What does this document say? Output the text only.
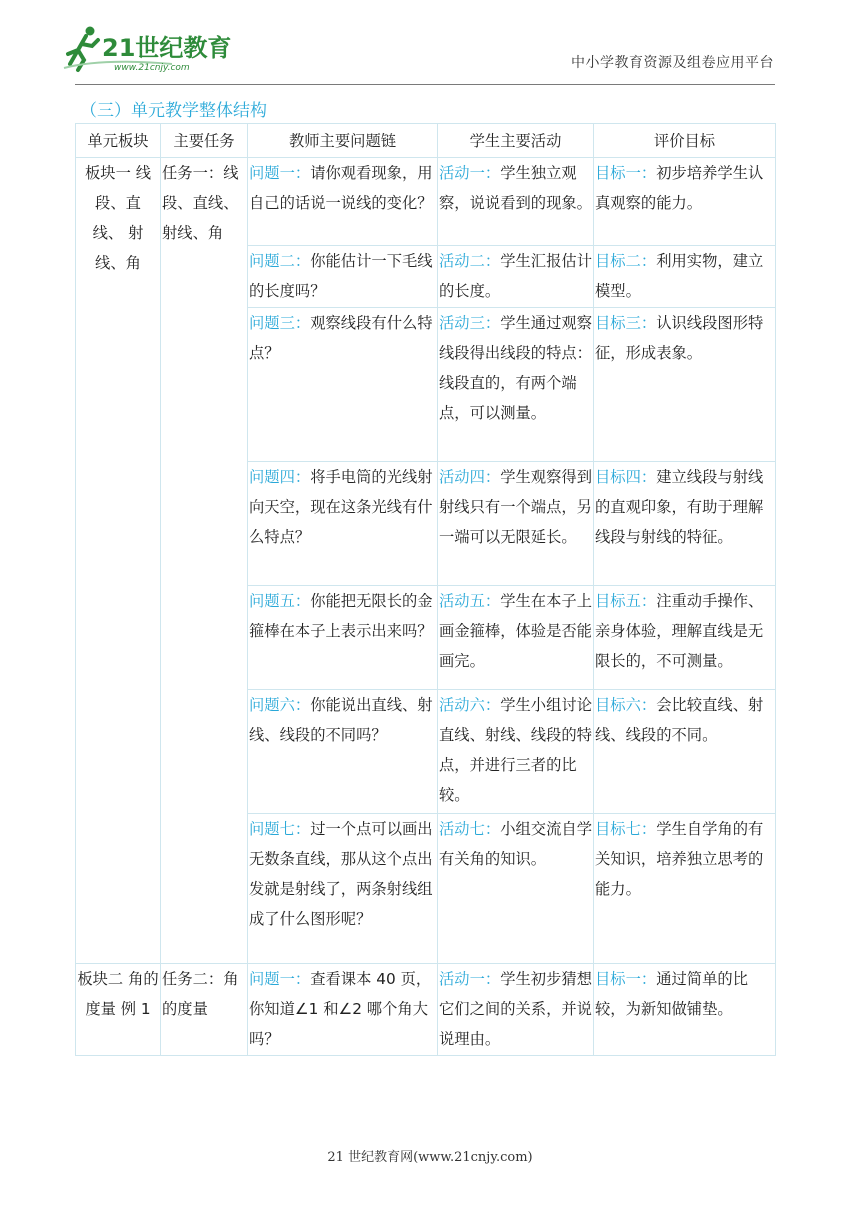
21世纪教育
www.21cnjy.com	中小学教育资源及组卷应用平台
（三）单元教学整体结构
单元板块	主要任务	教师主要问题链	学生主要活动	评价目标
板块一 线段、直线、 射线、角	任务一：线段、直线、射线、角	问题一：请你观看现象，用自己的话说一说线的变化？	活动一：学生独立观察，说说看到的现象。	目标一：初步培养学生认真观察的能力。
		问题二：你能估计一下毛线的长度吗？	活动二：学生汇报估计的长度。	目标二：利用实物，建立模型。
		问题三：观察线段有什么特点？	活动三：学生通过观察线段得出线段的特点：线段直的，有两个端点，可以测量。	目标三：认识线段图形特征，形成表象。
		问题四：将手电筒的光线射向天空，现在这条光线有什么特点？	活动四：学生观察得到射线只有一个端点，另一端可以无限延长。	目标四：建立线段与射线的直观印象，有助于理解线段与射线的特征。
		问题五：你能把无限长的金箍棒在本子上表示出来吗？	活动五：学生在本子上画金箍棒，体验是否能画完。	目标五：注重动手操作、亲身体验，理解直线是无限长的，不可测量。
		问题六：你能说出直线、射线、线段的不同吗？	活动六：学生小组讨论直线、射线、线段的特点，并进行三者的比较。	目标六：会比较直线、射线、线段的不同。
		问题七：过一个点可以画出无数条直线，那从这个点出发就是射线了，两条射线组成了什么图形呢？	活动七：小组交流自学有关角的知识。	目标七：学生自学角的有关知识，培养独立思考的能力。
板块二 角的度量 例 1	任务二：角的度量	问题一：查看课本 40 页，你知道∠1 和∠2 哪个角大吗？	活动一：学生初步猜想它们之间的关系，并说说理由。	目标一：通过简单的比较，为新知做铺垫。
21 世纪教育网(www.21cnjy.com)
